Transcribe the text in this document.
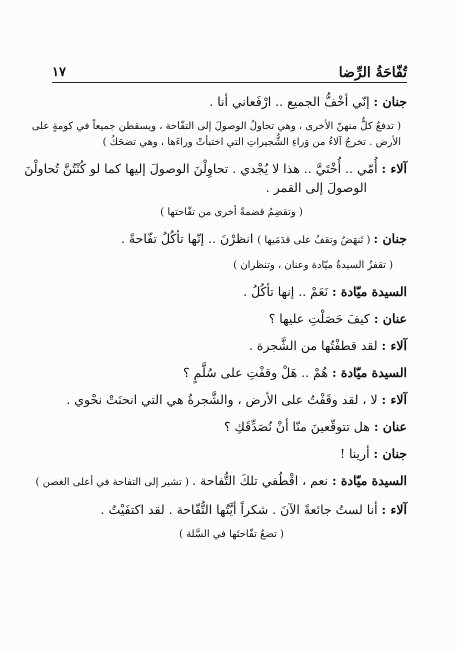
تُفّاحَةُ الرِّضا
١٧
جنان : إنّي أخْفُّ الجميع .. ارْفَعاني أنا .
( تدفعُ كلٌّ منهنّ الأخرى ، وهي تحاولُ الوصولَ إلى التفّاحة ، ويسقطن جميعاً في كومةٍ على
الأرض . تخرجُ آلاءُ من وَراءِ الشُّجيراتِ التي اختبأتْ وراءَها ، وهي تضحَكُ )
آلاء : أُمّي .. أُخْتَيَّ .. هذا لا يُجْدي . تحاوِلْنَ الوصولَ إليها كما لو كُنْتُنَّ تُحاولْنَ
الوصولَ إلى القمر .
( وتقضِمُ قضمةً أخرى من تفّاحتها )
جنان : ( تَنهَضُ وتقفُ على قدَمَيها ) انظرْنَ .. إنّها تأكُلُ تفّاحةً .
( تقفزُ السيدةُ ميّادة وعنان ، وتنظران )
السيدة ميّادة : نَعَمْ .. إنها تأكُلُ .
عنان : كيفَ حَصَلْتِ عليها ؟
آلاء : لقد قطفْتُها من الشَّجرة .
السيدة ميّادة : هُمْ .. هَلْ وقفْتِ على سُلَّمٍ ؟
آلاء : لا ، لقد وقَفْتُ على الأرض ، والشَّجرةُ هي التي انحنَتْ نحْوي .
عنان : هل تتوقّعينَ منّا أنْ نُصَدِّقَكِ ؟
جنان : أرينا !
السيدة ميّادة : نعم ، اقْطُفي تلكَ التُّفاحة . ( تشير إلى التفاحة في أعلى الغصن )
آلاء : أنا لستُ جائعةً الآنَ . شكراً أيَّتُها التُّفّاحة . لقد اكتفَيْتُ .
( تضعُ تفّاحتَها في السَّلة )
